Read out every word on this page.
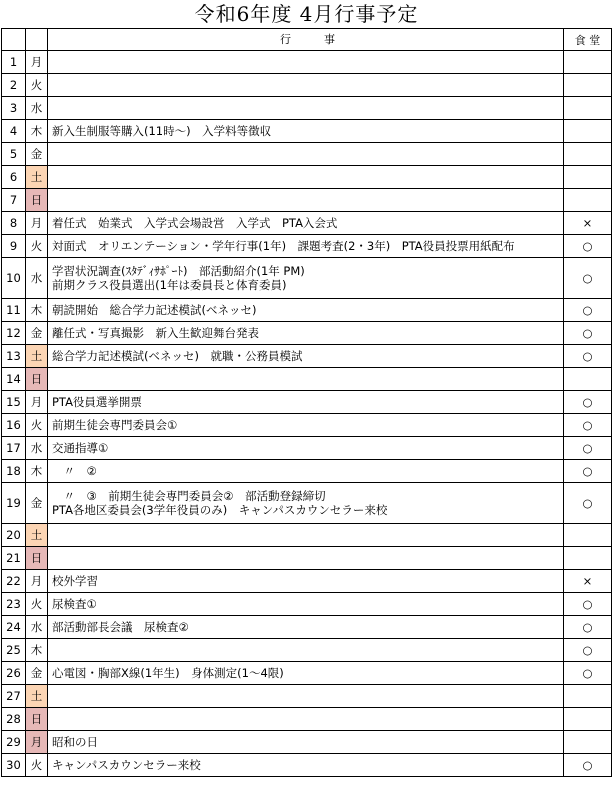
令和6年度 4月行事予定
		行 事	食 堂
1	月	

2	火	

3	水	

4	木	新入生制服等購入(11時～)　入学料等徴収	

5	金	

6	土	

7	日	

8	月	着任式　始業式　入学式会場設営　入学式　PTA入会式	×
9	火	対面式　オリエンテーション・学年行事(1年)　課題考査(2・3年)　PTA役員投票用紙配布	○
10	水	学習状況調査(ｽﾀﾃﾞｨｻﾎﾟｰﾄ)　部活動紹介(1年 PM)
前期クラス役員選出(1年は委員長と体育委員)	○
11	木	朝読開始　総合学力記述模試(ベネッセ)	○
12	金	離任式・写真撮影　新入生歓迎舞台発表	○
13	土	総合学力記述模試(ベネッセ)　就職・公務員模試	○
14	日	

15	月	PTA役員選挙開票	○
16	火	前期生徒会専門委員会①	○
17	水	交通指導①	○
18	木	　〃　②	○
19	金	　〃　③　前期生徒会専門委員会②　部活動登録締切
PTA各地区委員会(3学年役員のみ)　キャンパスカウンセラー来校	○
20	土	

21	日	

22	月	校外学習	×
23	火	尿検査①	○
24	水	部活動部長会議　尿検査②	○
25	木		○
26	金	心電図・胸部X線(1年生)　身体測定(1～4限)	○
27	土	

28	日	

29	月	昭和の日	

30	火	キャンパスカウンセラー来校	○
